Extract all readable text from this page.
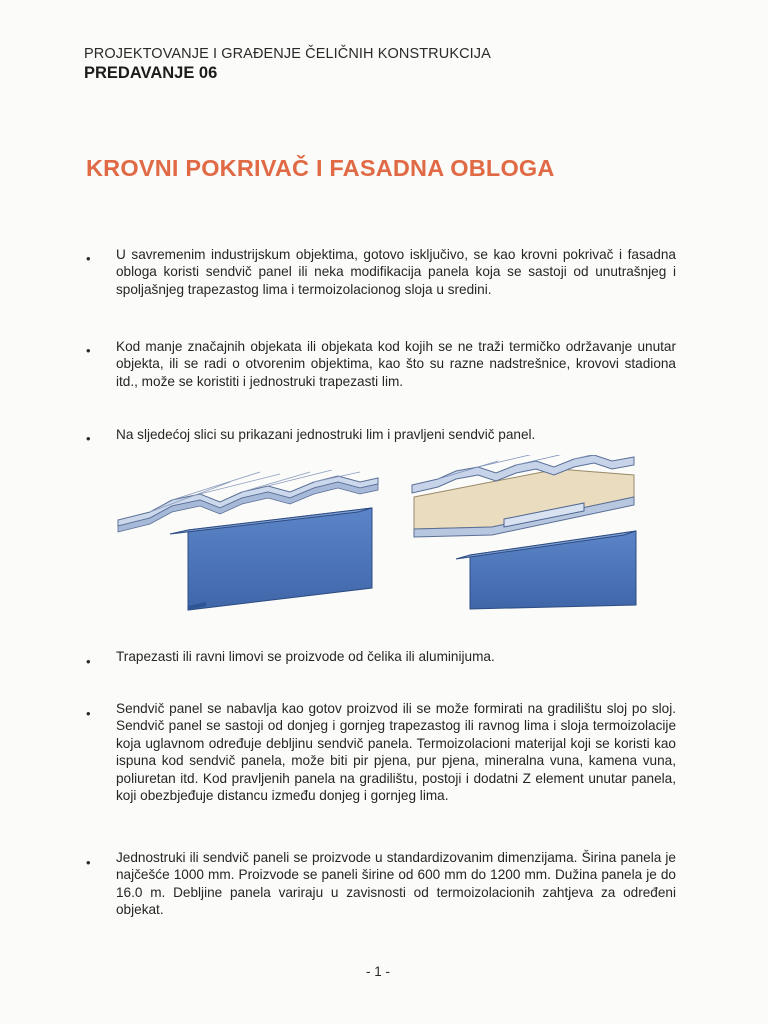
PROJEKTOVANJE I GRAĐENJE ČELIČNIH KONSTRUKCIJA
PREDAVANJE 06
KROVNI POKRIVAČ I FASADNA OBLOGA
• U savremenim industrijskum objektima, gotovo isključivo, se kao krovni pokrivač i fasadna obloga koristi sendvič panel ili neka modifikacija panela koja se sastoji od unutrašnjeg i spoljašnjeg trapezastog lima i termoizolacionog sloja u sredini.
• Kod manje značajnih objekata ili objekata kod kojih se ne traži termičko održavanje unutar objekta, ili se radi o otvorenim objektima, kao što su razne nadstrešnice, krovovi stadiona itd., može se koristiti i jednostruki trapezasti lim.
• Na sljedećoj slici su prikazani jednostruki lim i pravljeni sendvič panel.
• Trapezasti ili ravni limovi se proizvode od čelika ili aluminijuma.
• Sendvič panel se nabavlja kao gotov proizvod ili se može formirati na gradilištu sloj po sloj. Sendvič panel se sastoji od donjeg i gornjeg trapezastog ili ravnog lima i sloja termoizolacije koja uglavnom određuje debljinu sendvič panela. Termoizolacioni materijal koji se koristi kao ispuna kod sendvič panela, može biti pir pjena, pur pjena, mineralna vuna, kamena vuna, poliuretan itd. Kod pravljenih panela na gradilištu, postoji i dodatni Z element unutar panela, koji obezbjeđuje distancu između donjeg i gornjeg lima.
• Jednostruki ili sendvič paneli se proizvode u standardizovanim dimenzijama. Širina panela je najčešće 1000 mm. Proizvode se paneli širine od 600 mm do 1200 mm. Dužina panela je do 16.0 m. Debljine panela variraju u zavisnosti od termoizolacionih zahtjeva za određeni objekat.
- 1 -
